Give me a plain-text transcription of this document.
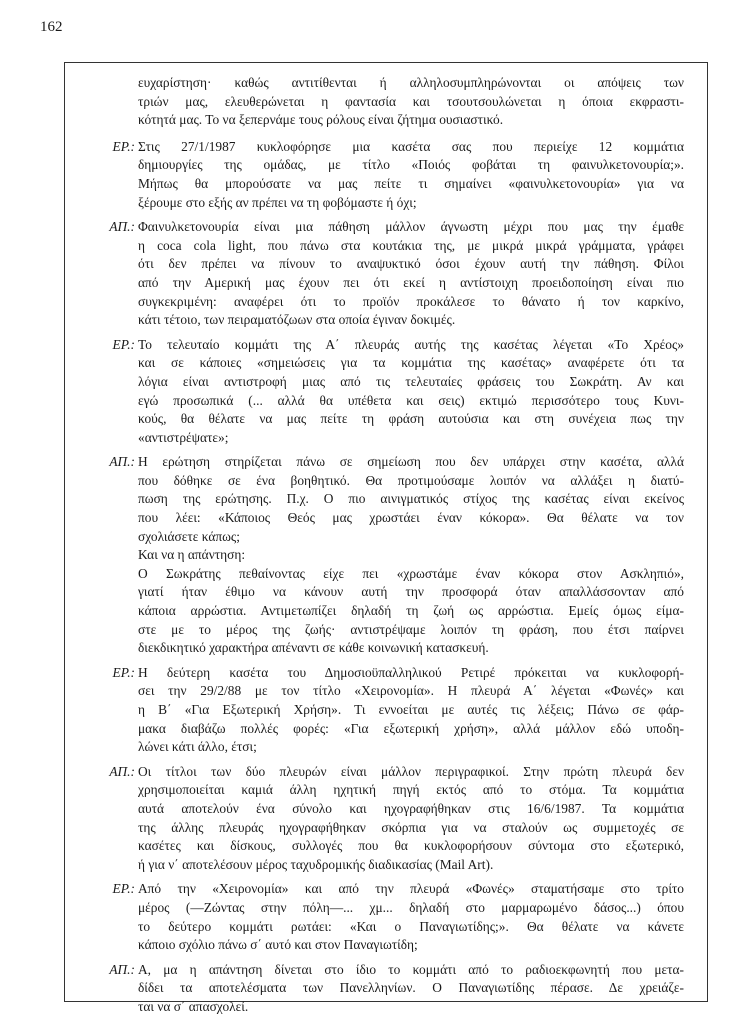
162
ευχαρίστηση· καθώς αντιτίθενται ή αλληλοσυμπληρώνονται οι απόψεις των
τριών μας, ελευθερώνεται η φαντασία και τσουτσουλώνεται η όποια εκφραστι-
κότητά μας. Το να ξεπερνάμε τους ρόλους είναι ζήτημα ουσιαστικό.
ΕΡ.: Στις 27/1/1987 κυκλοφόρησε μια κασέτα σας που περιείχε 12 κομμάτια
δημιουργίες της ομάδας, με τίτλο «Ποιός φοβάται τη φαινυλκετονουρία;».
Μήπως θα μπορούσατε να μας πείτε τι σημαίνει «φαινυλκετονουρία» για να
ξέρουμε στο εξής αν πρέπει να τη φοβόμαστε ή όχι;
ΑΠ.: Φαινυλκετονουρία είναι μια πάθηση μάλλον άγνωστη μέχρι που μας την έμαθε
η coca cola light, που πάνω στα κουτάκια της, με μικρά μικρά γράμματα, γράφει
ότι δεν πρέπει να πίνουν το αναψυκτικό όσοι έχουν αυτή την πάθηση. Φίλοι
από την Αμερική μας έχουν πει ότι εκεί η αντίστοιχη προειδοποίηση είναι πιο
συγκεκριμένη: αναφέρει ότι το προϊόν προκάλεσε το θάνατο ή τον καρκίνο,
κάτι τέτοιο, των πειραματόζωων στα οποία έγιναν δοκιμές.
ΕΡ.: Το τελευταίο κομμάτι της Α΄ πλευράς αυτής της κασέτας λέγεται «Το Χρέος»
και σε κάποιες «σημειώσεις για τα κομμάτια της κασέτας» αναφέρετε ότι τα
λόγια είναι αντιστροφή μιας από τις τελευταίες φράσεις του Σωκράτη. Αν και
εγώ προσωπικά (... αλλά θα υπέθετα και σεις) εκτιμώ περισσότερο τους Κυνι-
κούς, θα θέλατε να μας πείτε τη φράση αυτούσια και στη συνέχεια πως την
«αντιστρέψατε»;
ΑΠ.: Η ερώτηση στηρίζεται πάνω σε σημείωση που δεν υπάρχει στην κασέτα, αλλά
που δόθηκε σε ένα βοηθητικό. Θα προτιμούσαμε λοιπόν να αλλάξει η διατύ-
πωση της ερώτησης. Π.χ. Ο πιο αινιγματικός στίχος της κασέτας είναι εκείνος
που λέει: «Κάποιος Θεός μας χρωστάει έναν κόκορα». Θα θέλατε να τον
σχολιάσετε κάπως;
Και να η απάντηση:
Ο Σωκράτης πεθαίνοντας είχε πει «χρωστάμε έναν κόκορα στον Ασκληπιό»,
γιατί ήταν έθιμο να κάνουν αυτή την προσφορά όταν απαλλάσσονταν από
κάποια αρρώστια. Αντιμετωπίζει δηλαδή τη ζωή ως αρρώστια. Εμείς όμως είμα-
στε με το μέρος της ζωής· αντιστρέψαμε λοιπόν τη φράση, που έτσι παίρνει
διεκδικητικό χαρακτήρα απέναντι σε κάθε κοινωνική κατασκευή.
ΕΡ.: Η δεύτερη κασέτα του Δημοσιοϋπαλληλικού Ρετιρέ πρόκειται να κυκλοφορή-
σει την 29/2/88 με τον τίτλο «Χειρονομία». Η πλευρά Α΄ λέγεται «Φωνές» και
η Β΄ «Για Εξωτερική Χρήση». Τι εννοείται με αυτές τις λέξεις; Πάνω σε φάρ-
μακα διαβάζω πολλές φορές: «Για εξωτερική χρήση», αλλά μάλλον εδώ υποδη-
λώνει κάτι άλλο, έτσι;
ΑΠ.: Οι τίτλοι των δύο πλευρών είναι μάλλον περιγραφικοί. Στην πρώτη πλευρά δεν
χρησιμοποιείται καμιά άλλη ηχητική πηγή εκτός από το στόμα. Τα κομμάτια
αυτά αποτελούν ένα σύνολο και ηχογραφήθηκαν στις 16/6/1987. Τα κομμάτια
της άλλης πλευράς ηχογραφήθηκαν σκόρπια για να σταλούν ως συμμετοχές σε
κασέτες και δίσκους, συλλογές που θα κυκλοφορήσουν σύντομα στο εξωτερικό,
ή για ν΄ αποτελέσουν μέρος ταχυδρομικής διαδικασίας (Mail Art).
ΕΡ.: Από την «Χειρονομία» και από την πλευρά «Φωνές» σταματήσαμε στο τρίτο
μέρος (—Ζώντας στην πόλη—... χμ... δηλαδή στο μαρμαρωμένο δάσος...) όπου
το δεύτερο κομμάτι ρωτάει: «Και ο Παναγιωτίδης;». Θα θέλατε να κάνετε
κάποιο σχόλιο πάνω σ΄ αυτό και στον Παναγιωτίδη;
ΑΠ.: Α, μα η απάντηση δίνεται στο ίδιο το κομμάτι από το ραδιοεκφωνητή που μετα-
δίδει τα αποτελέσματα των Πανελληνίων. Ο Παναγιωτίδης πέρασε. Δε χρειάζε-
ται να σ΄ απασχολεί.
